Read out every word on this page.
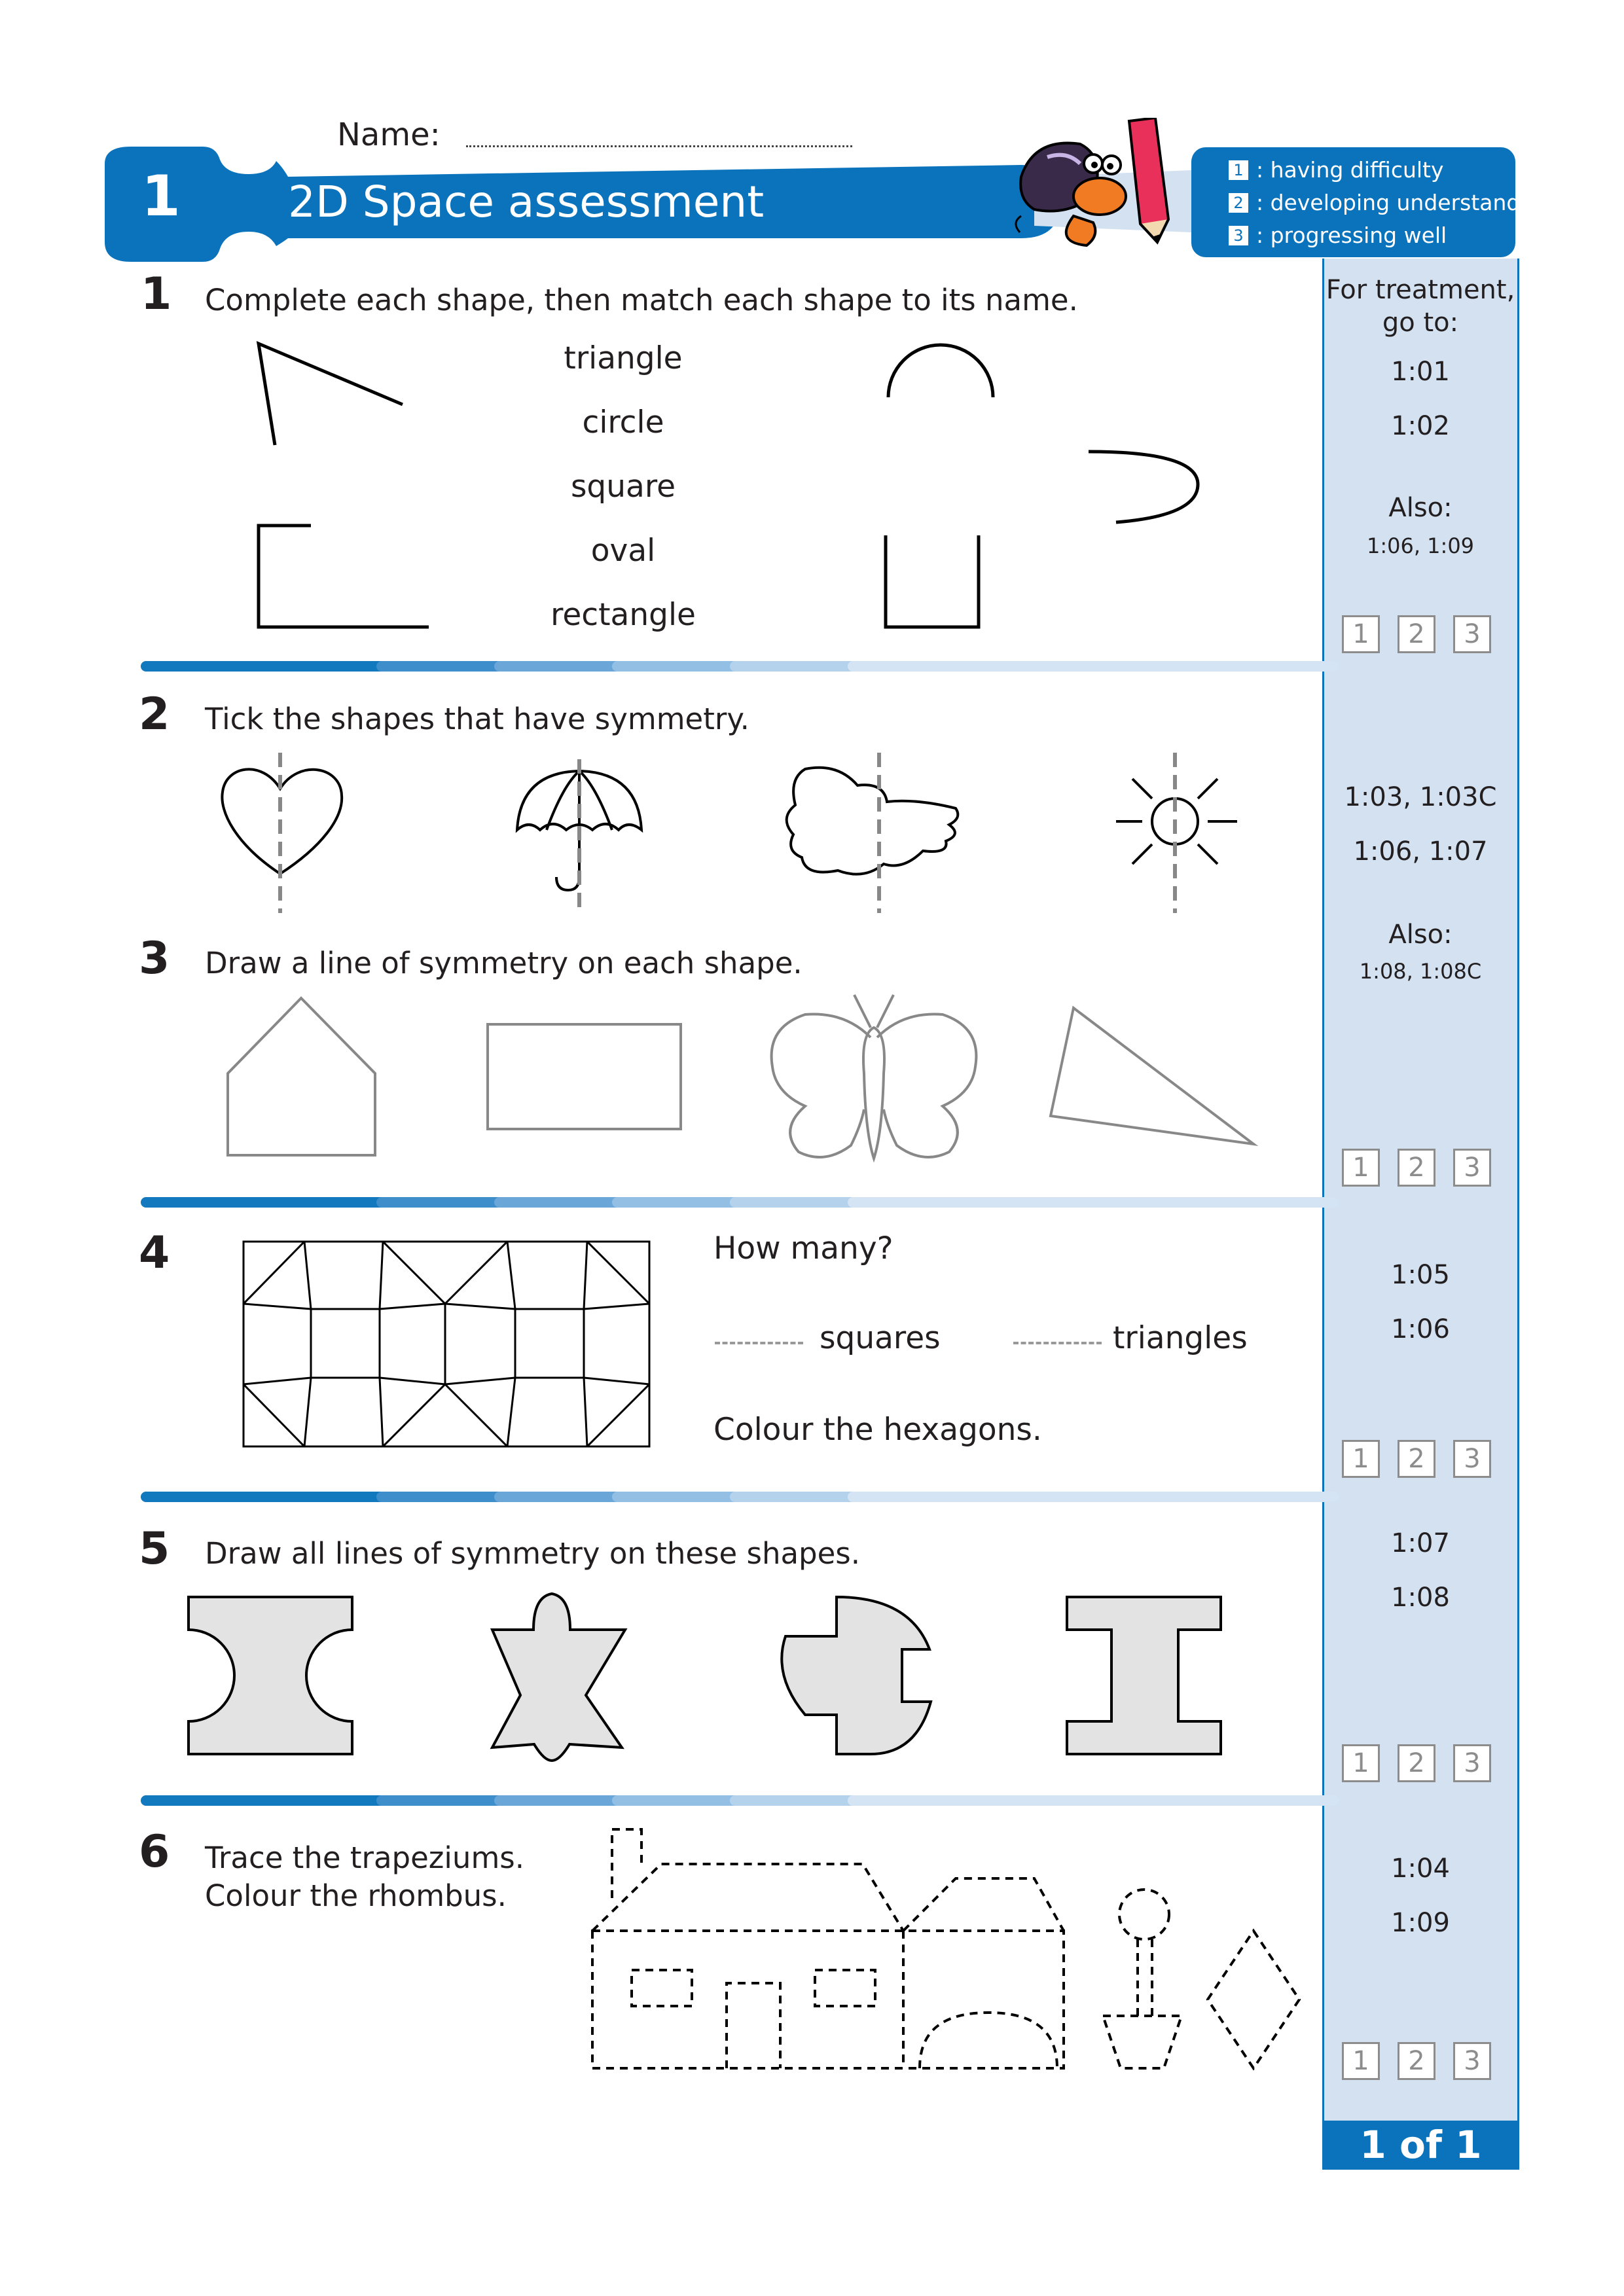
Name:
1 2D Space assessment
1 : having difficulty
2 : developing understanding
3 : progressing well
For treatment,
go to:
1:01
1:02
Also:
1:06, 1:09
1	2	3
1:03, 1:03C
1:06, 1:07
Also:
1:08, 1:08C
1	2	3
1:05
1:06
1	2	3
1:07
1:08
1	2	3
1:04
1:09
1	2	3
1 of 1
1 Complete each shape, then match each shape to its name.
triangle
circle
square
oval
rectangle
2 Tick the shapes that have symmetry.
3 Draw a line of symmetry on each shape.
4	How many?
squares	triangles
Colour the hexagons.
5 Draw all lines of symmetry on these shapes.
6 Trace the trapeziums.
Colour the rhombus.
